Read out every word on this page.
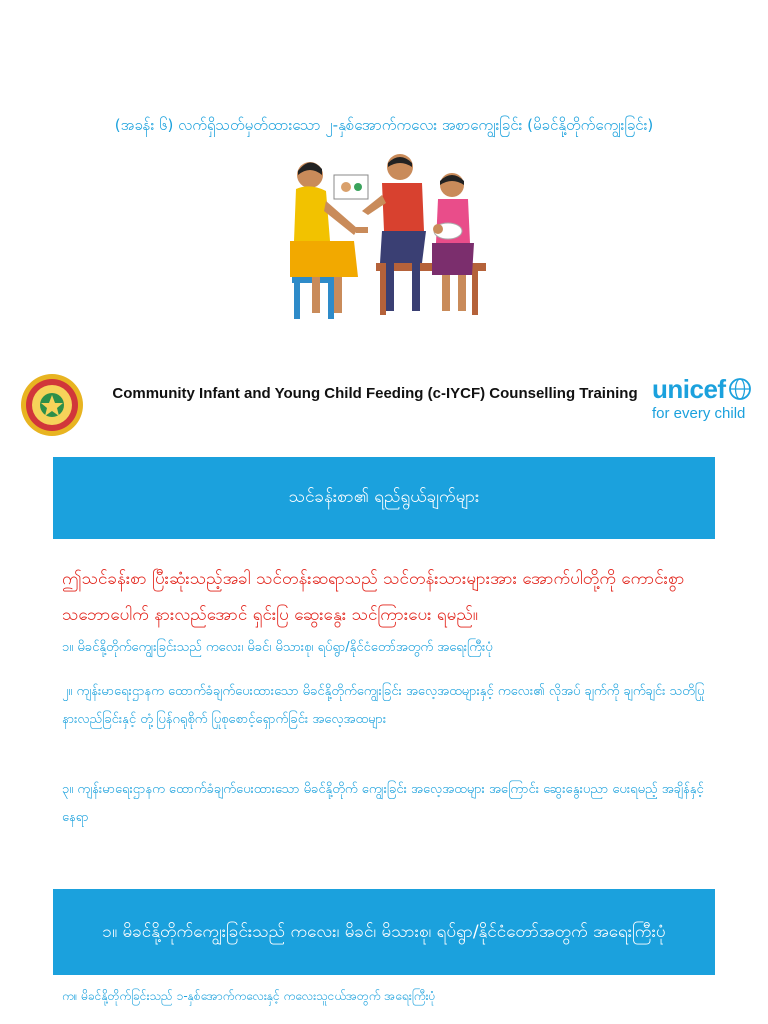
(အခန်း ၆) လက်ရှိသတ်မှတ်ထားသော ၂-နှစ်အောက်ကလေး အစာကျွေးခြင်း (မိခင်နို့တိုက်ကျွေးခြင်း)
Community Infant and Young Child Feeding (c-IYCF) Counselling Training unicef
for every child
သင်ခန်းစာ၏ ရည်ရွယ်ချက်များ
ဤသင်ခန်းစာ ပြီးဆုံးသည့်အခါ သင်တန်းဆရာသည် သင်တန်းသားများအား အောက်ပါတို့ကို ကောင်းစွာ သဘောပေါက် နားလည်အောင် ရှင်းပြ ဆွေးနွေး သင်ကြားပေး ရမည်။
၁။ မိခင်နို့တိုက်ကျွေးခြင်းသည် ကလေး၊ မိခင်၊ မိသားစု၊ ရပ်ရွာ/နိုင်ငံတော်အတွက် အရေးကြီးပုံ
၂။ ကျန်းမာရေးဌာနက ထောက်ခံချက်ပေးထားသော မိခင်နို့တိုက်ကျွေးခြင်း အလေ့အထများနှင့် ကလေး၏ လိုအပ် ချက်ကို ချက်ချင်း သတိပြုနားလည်ခြင်းနှင့် တုံ့ပြန်ဂရုစိုက် ပြုစုစောင့်ရှောက်ခြင်း အလေ့အထများ
၃။ ကျန်းမာရေးဌာနက ထောက်ခံချက်ပေးထားသော မိခင်နို့တိုက် ကျွေးခြင်း အလေ့အထများ အကြောင်း ဆွေးနွေးပညာ ပေးရမည့် အချိန်နှင့် နေရာ
၁။ မိခင်နို့တိုက်ကျွေးခြင်းသည် ကလေး၊ မိခင်၊ မိသားစု၊ ရပ်ရွာ/နိုင်ငံတော်အတွက် အရေးကြီးပုံ
က။ မိခင်နို့တိုက်ခြင်းသည် ၁-နှစ်အောက်ကလေးနှင့် ကလေးသူငယ်အတွက် အရေးကြီးပုံ
